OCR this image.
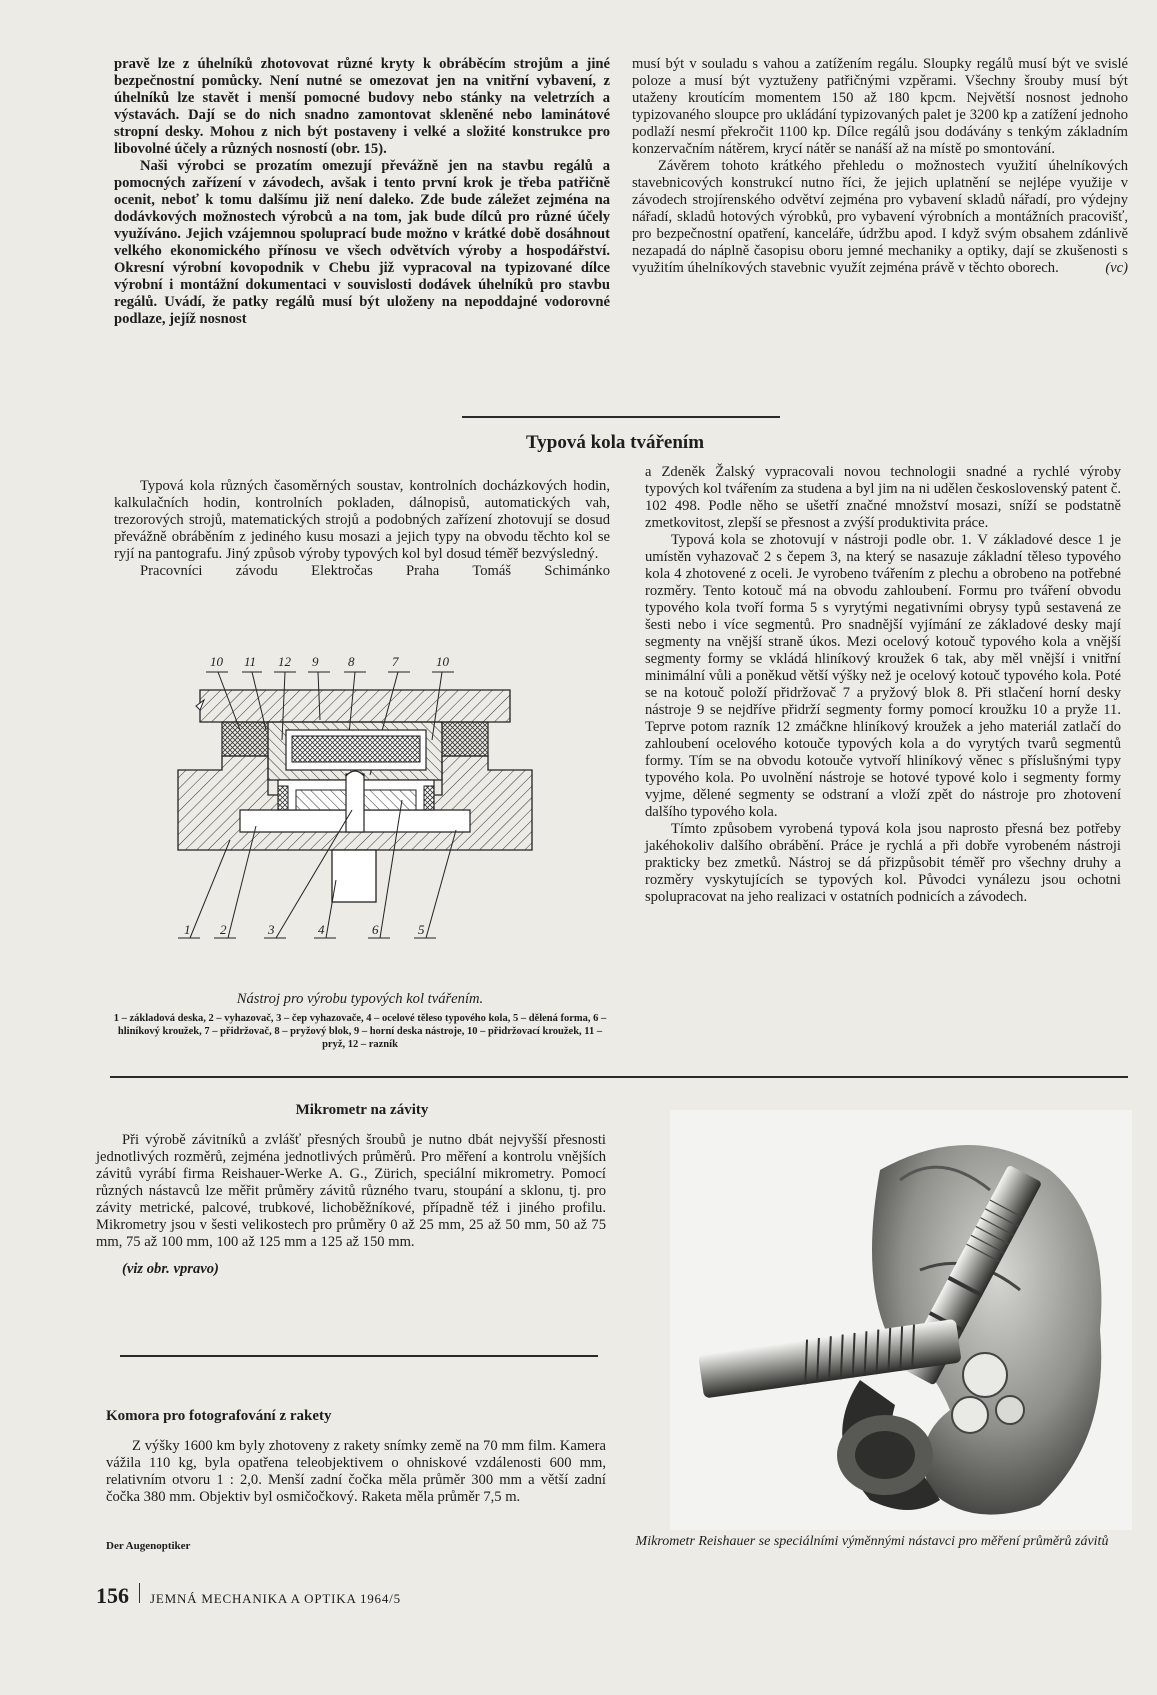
pravě lze z úhelníků zhotovovat různé kryty k obráběcím strojům a jiné bezpečnostní pomůcky. Není nutné se omezovat jen na vnitřní vybavení, z úhelníků lze stavět i menší pomocné budovy nebo stánky na veletrzích a výstavách. Dají se do nich snadno zamontovat skleněné nebo laminátové stropní desky. Mohou z nich být postaveny i velké a složité konstrukce pro libovolné účely a různých nosností (obr. 15).

Naši výrobci se prozatím omezují převážně jen na stavbu regálů a pomocných zařízení v závodech, avšak i tento první krok je třeba patřičně ocenit, neboť k tomu dalšímu již není daleko. Zde bude záležet zejména na dodávkových možnostech výrobců a na tom, jak bude dílců pro různé účely využíváno. Jejich vzájemnou spoluprací bude možno v krátké době dosáhnout velkého ekonomického přínosu ve všech odvětvích výroby a hospodářství. Okresní výrobní kovopodnik v Chebu již vypracoval na typizované dílce výrobní i montážní dokumentaci v souvislosti dodávek úhelníků pro stavbu regálů. Uvádí, že patky regálů musí být uloženy na nepoddajné vodorovné podlaze, jejíž nosnost

musí být v souladu s vahou a zatížením regálu. Sloupky regálů musí být ve svislé poloze a musí být vyztuženy patřičnými vzpěrami. Všechny šrouby musí být utaženy kroutícím momentem 150 až 180 kpcm. Největší nosnost jednoho typizovaného sloupce pro ukládání typizovaných palet je 3200 kp a zatížení jednoho podlaží nesmí překročit 1100 kp. Dílce regálů jsou dodávány s tenkým základním konzervačním nátěrem, krycí nátěr se nanáší až na místě po smontování.

Závěrem tohoto krátkého přehledu o možnostech využití úhelníkových stavebnicových konstrukcí nutno říci, že jejich uplatnění se nejlépe využije v závodech strojírenského odvětví zejména pro vybavení skladů nářadí, pro výdejny nářadí, skladů hotových výrobků, pro vybavení výrobních a montážních pracovišť, pro bezpečnostní opatření, kanceláře, údržbu apod. I když svým obsahem zdánlivě nezapadá do náplně časopisu oboru jemné mechaniky a optiky, dají se zkušenosti s využitím úhelníkových stavebnic využít zejména právě v těchto oborech.	(vc)

Typová kola tvářením

Typová kola různých časoměrných soustav, kontrolních docházkových hodin, kalkulačních hodin, kontrolních pokladen, dálnopisů, automatických vah, trezorových strojů, matematických strojů a podobných zařízení zhotovují se dosud převážně obráběním z jediného kusu mosazi a jejich typy na obvodu těchto kol se ryjí na pantografu. Jiný způsob výroby typových kol byl dosud téměř bezvýsledný.

Pracovníci závodu Elektročas Praha Tomáš Schimánko

10 11 12 9 8	7	10
1 2	3	4	6	5
Nástroj pro výrobu typových kol tvářením.
1 – základová deska, 2 – vyhazovač, 3 – čep vyhazovače, 4 – ocelové těleso typového kola, 5 – dělená forma, 6 – hliníkový kroužek, 7 – přidržovač, 8 – pryžový blok, 9 – horní deska nástroje, 10 – přidržovací kroužek, 11 – pryž, 12 – razník

a Zdeněk Žalský vypracovali novou technologii snadné a rychlé výroby typových kol tvářením za studena a byl jim na ni udělen československý patent č. 102 498. Podle něho se ušetří značné množství mosazi, sníží se podstatně zmetkovitost, zlepší se přesnost a zvýší produktivita práce.

Typová kola se zhotovují v nástroji podle obr. 1. V základové desce 1 je umístěn vyhazovač 2 s čepem 3, na který se nasazuje základní těleso typového kola 4 zhotovené z oceli. Je vyrobeno tvářením z plechu a obrobeno na potřebné rozměry. Tento kotouč má na obvodu zahloubení. Formu pro tváření obvodu typového kola tvoří forma 5 s vyrytými negativními obrysy typů sestavená ze šesti nebo i více segmentů. Pro snadnější vyjímání ze základové desky mají segmenty na vnější straně úkos. Mezi ocelový kotouč typového kola a vnější segmenty formy se vkládá hliníkový kroužek 6 tak, aby měl vnější i vnitřní minimální vůli a poněkud větší výšky než je ocelový kotouč typového kola. Poté se na kotouč položí přidržovač 7 a pryžový blok 8. Při stlačení horní desky nástroje 9 se nejdříve přidrží segmenty formy pomocí kroužku 10 a pryže 11. Teprve potom razník 12 zmáčkne hliníkový kroužek a jeho materiál zatlačí do zahloubení ocelového kotouče typových kola a do vyrytých tvarů segmentů formy. Tím se na obvodu kotouče vytvoří hliníkový věnec s příslušnými typy typového kola. Po uvolnění nástroje se hotové typové kolo i segmenty formy vyjme, dělené segmenty se odstraní a vloží zpět do nástroje pro zhotovení dalšího typového kola.

Tímto způsobem vyrobená typová kola jsou naprosto přesná bez potřeby jakéhokoliv dalšího obrábění. Práce je rychlá a při dobře vyrobeném nástroji prakticky bez zmetků. Nástroj se dá přizpůsobit téměř pro všechny druhy a rozměry vyskytujících se typových kol. Původci vynálezu jsou ochotni spolupracovat na jeho realizaci v ostatních podnicích a závodech.

Mikrometr na závity

Při výrobě závitníků a zvlášť přesných šroubů je nutno dbát nejvyšší přesnosti jednotlivých rozměrů, zejména jednotlivých průměrů. Pro měření a kontrolu vnějších závitů vyrábí firma Reishauer-Werke A. G., Zürich, speciální mikrometry. Pomocí různých nástavců lze měřit průměry závitů různého tvaru, stoupání a sklonu, tj. pro závity metrické, palcové, trubkové, lichoběžníkové, případně též i jiného profilu. Mikrometry jsou v šesti velikostech pro průměry 0 až 25 mm, 25 až 50 mm, 50 až 75 mm, 75 až 100 mm, 100 až 125 mm a 125 až 150 mm.

(viz obr. vpravo)

Komora pro fotografování z rakety

Z výšky 1600 km byly zhotoveny z rakety snímky země na 70 mm film. Kamera vážila 110 kg, byla opatřena teleobjektivem o ohniskové vzdálenosti 600 mm, relativním otvoru 1 : 2,0. Menší zadní čočka měla průměr 300 mm a větší zadní čočka 380 mm. Objektiv byl osmičočkový. Raketa měla průměr 7,5 m.

Der Augenoptiker	Mikrometr Reishauer se speciálními výměnnými nástavci pro měření průměrů závitů
156 JEMNÁ MECHANIKA A OPTIKA 1964/5
